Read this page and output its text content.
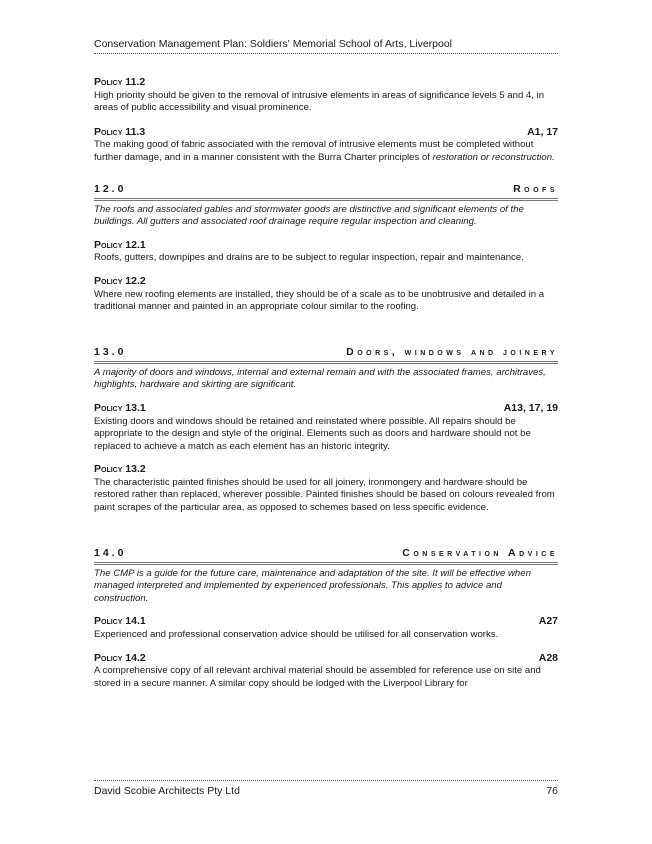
Conservation Management Plan: Soldiers' Memorial School of Arts, Liverpool
Policy 11.2

High priority should be given to the removal of intrusive elements in areas of significance levels 5 and 4, in areas of public accessibility and visual prominence.

Policy 11.3	A1, 17

The making good of fabric associated with the removal of intrusive elements must be completed without further damage, and in a manner consistent with the Burra Charter principles of restoration or reconstruction.

12.0	Roofs

The roofs and associated gables and stormwater goods are distinctive and significant elements of the buildings. All gutters and associated roof drainage require regular inspection and cleaning.

Policy 12.1

Roofs, gutters, downpipes and drains are to be subject to regular inspection, repair and maintenance.

Policy 12.2

Where new roofing elements are installed, they should be of a scale as to be unobtrusive and detailed in a traditional manner and painted in an appropriate colour similar to the roofing.

13.0	Doors, windows and joinery

A majority of doors and windows, internal and external remain and with the associated frames, architraves, highlights, hardware and skirting are significant.

Policy 13.1	A13, 17, 19

Existing doors and windows should be retained and reinstated where possible. All repairs should be appropriate to the design and style of the original. Elements such as doors and hardware should not be replaced to achieve a match as each element has an historic integrity.

Policy 13.2

The characteristic painted finishes should be used for all joinery, ironmongery and hardware should be restored rather than replaced, wherever possible. Painted finishes should be based on colours revealed from paint scrapes of the particular area, as opposed to schemes based on less specific evidence.

14.0	Conservation Advice

The CMP is a guide for the future care, maintenance and adaptation of the site. It will be effective when managed interpreted and implemented by experienced professionals. This applies to advice and construction.

Policy 14.1	A27

Experienced and professional conservation advice should be utilised for all conservation works.

Policy 14.2	A28

A comprehensive copy of all relevant archival material should be assembled for reference use on site and stored in a secure manner. A similar copy should be lodged with the Liverpool Library for

David Scobie Architects Pty Ltd	76
